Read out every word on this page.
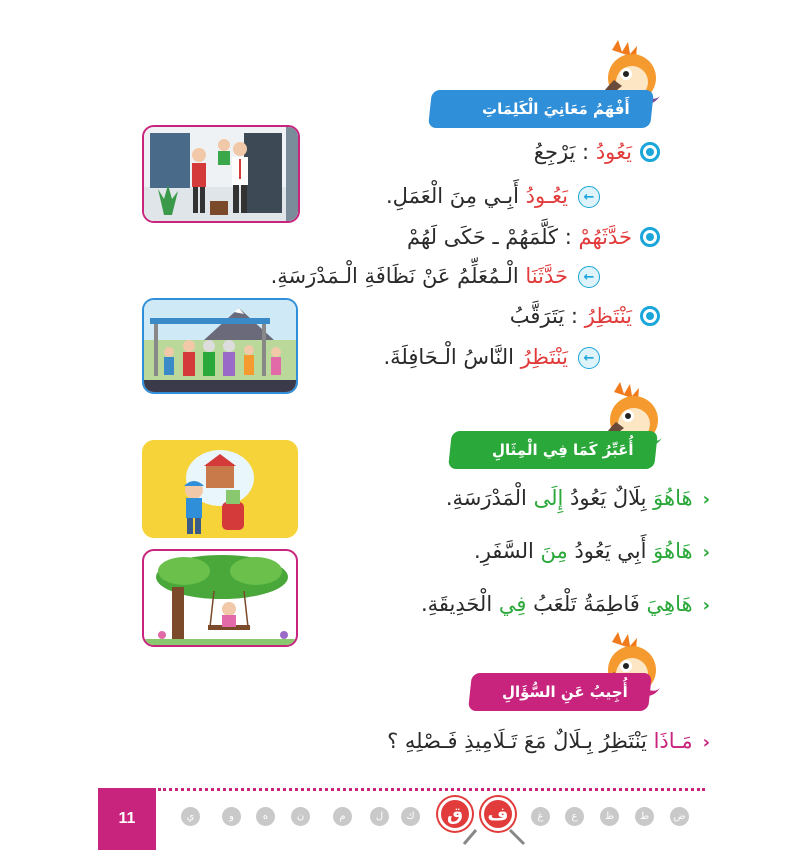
أَفْهَمُ مَعَانِيَ الْكَلِمَاتِ
يَعُودُ : يَرْجِعُ
←يَعُـودُ أَبِـي مِنَ الْعَمَلِ.
حَدَّثَهُمْ : كَلَّمَهُمْ ـ حَكَى لَهُمْ
←حَدَّثَنَا الْـمُعَلِّمُ عَنْ نَظَافَةِ الْـمَدْرَسَةِ.
يَنْتَظِرُ : يَتَرَقَّبُ
←يَنْتَظِرُ النَّاسُ الْـحَافِلَةَ.
أُعَبِّرُ كَمَا فِي الْمِثَالِ
‹هَاهُوَ بِلَالٌ يَعُودُ إِلَى الْمَدْرَسَةِ.
‹هَاهُوَ أَبِي يَعُودُ مِنَ السَّفَرِ.
‹هَاهِيَ فَاطِمَةُ تَلْعَبُ فِي الْحَدِيقَةِ.
أُجِيبُ عَنِ السُّؤَالِ
‹مَـاذَا يَنْتَظِرُ بِـلَالٌ مَعَ تَـلَامِيذِ فَـصْلِهِ ؟
11	ي	و	ه	ن	م	ل	ك	ق	ف	غ	ع	ظ	ط	ض
